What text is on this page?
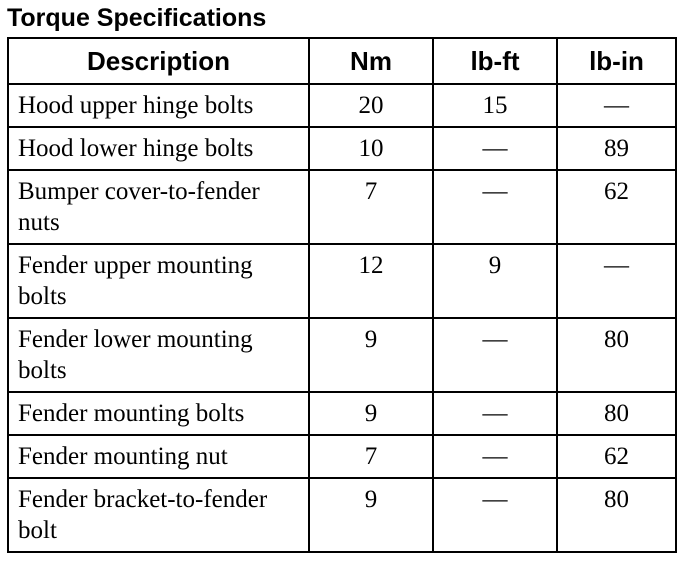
Torque Specifications
Description	Nm	lb-ft	lb-in
Hood upper hinge bolts	20	15	—
Hood lower hinge bolts	10	—	89
Bumper cover-to-fender nuts	7	—	62
Fender upper mounting bolts	12	9	—
Fender lower mounting bolts	9	—	80
Fender mounting bolts	9	—	80
Fender mounting nut	7	—	62
Fender bracket-to-fender bolt	9	—	80
